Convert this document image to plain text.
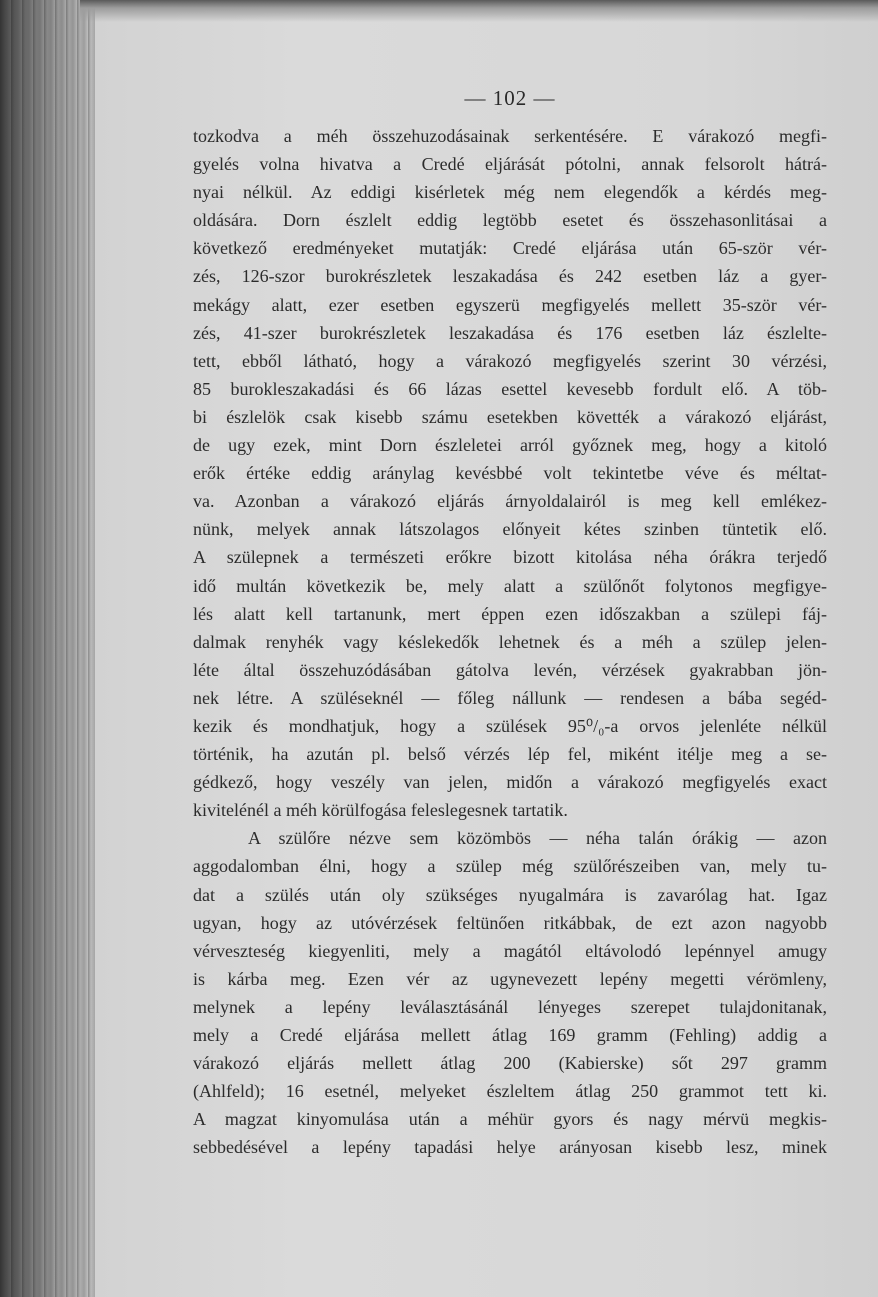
— 102 —
tozkodva a méh összehuzodásainak serkentésére. E várakozó megfi-
gyelés volna hivatva a Credé eljárását pótolni, annak felsorolt hátrá-
nyai nélkül. Az eddigi kisérletek még nem elegendők a kérdés meg-
oldására. Dorn észlelt eddig legtöbb esetet és összehasonlitásai a
következő eredményeket mutatják: Credé eljárása után 65-ször vér-
zés, 126-szor burokrészletek leszakadása és 242 esetben láz a gyer-
mekágy alatt, ezer esetben egyszerü megfigyelés mellett 35-ször vér-
zés, 41-szer burokrészletek leszakadása és 176 esetben láz észlelte-
tett, ebből látható, hogy a várakozó megfigyelés szerint 30 vérzési,
85 burokleszakadási és 66 lázas esettel kevesebb fordult elő. A töb-
bi észlelök csak kisebb számu esetekben követték a várakozó eljárást,
de ugy ezek, mint Dorn észleletei arról győznek meg, hogy a kitoló
erők értéke eddig aránylag kevésbbé volt tekintetbe véve és méltat-
va. Azonban a várakozó eljárás árnyoldalairól is meg kell emlékez-
nünk, melyek annak látszolagos előnyeit kétes szinben tüntetik elő.
A szülepnek a természeti erőkre bizott kitolása néha órákra terjedő
idő multán következik be, mely alatt a szülőnőt folytonos megfigye-
lés alatt kell tartanunk, mert éppen ezen időszakban a szülepi fáj-
dalmak renyhék vagy késlekedők lehetnek és a méh a szülep jelen-
léte által összehuzódásában gátolva levén, vérzések gyakrabban jön-
nek létre. A szüléseknél — főleg nállunk — rendesen a bába segéd-
kezik és mondhatjuk, hogy a szülések 95⁰/₀-a orvos jelenléte nélkül
történik, ha azután pl. belső vérzés lép fel, miként itélje meg a se-
gédkező, hogy veszély van jelen, midőn a várakozó megfigyelés exact
kivitelénél a méh körülfogása feleslegesnek tartatik.
A szülőre nézve sem közömbös — néha talán órákig — azon
aggodalomban élni, hogy a szülep még szülőrészeiben van, mely tu-
dat a szülés után oly szükséges nyugalmára is zavarólag hat. Igaz
ugyan, hogy az utóvérzések feltünően ritkábbak, de ezt azon nagyobb
vérveszteség kiegyenliti, mely a magától eltávolodó lepénnyel amugy
is kárba meg. Ezen vér az ugynevezett lepény megetti vérömleny,
melynek a lepény leválasztásánál lényeges szerepet tulajdonitanak,
mely a Credé eljárása mellett átlag 169 gramm (Fehling) addig a
várakozó eljárás mellett átlag 200 (Kabierske) sőt 297 gramm
(Ahlfeld); 16 esetnél, melyeket észleltem átlag 250 grammot tett ki.
A magzat kinyomulása után a méhür gyors és nagy mérvü megkis-
sebbedésével a lepény tapadási helye arányosan kisebb lesz, minek
